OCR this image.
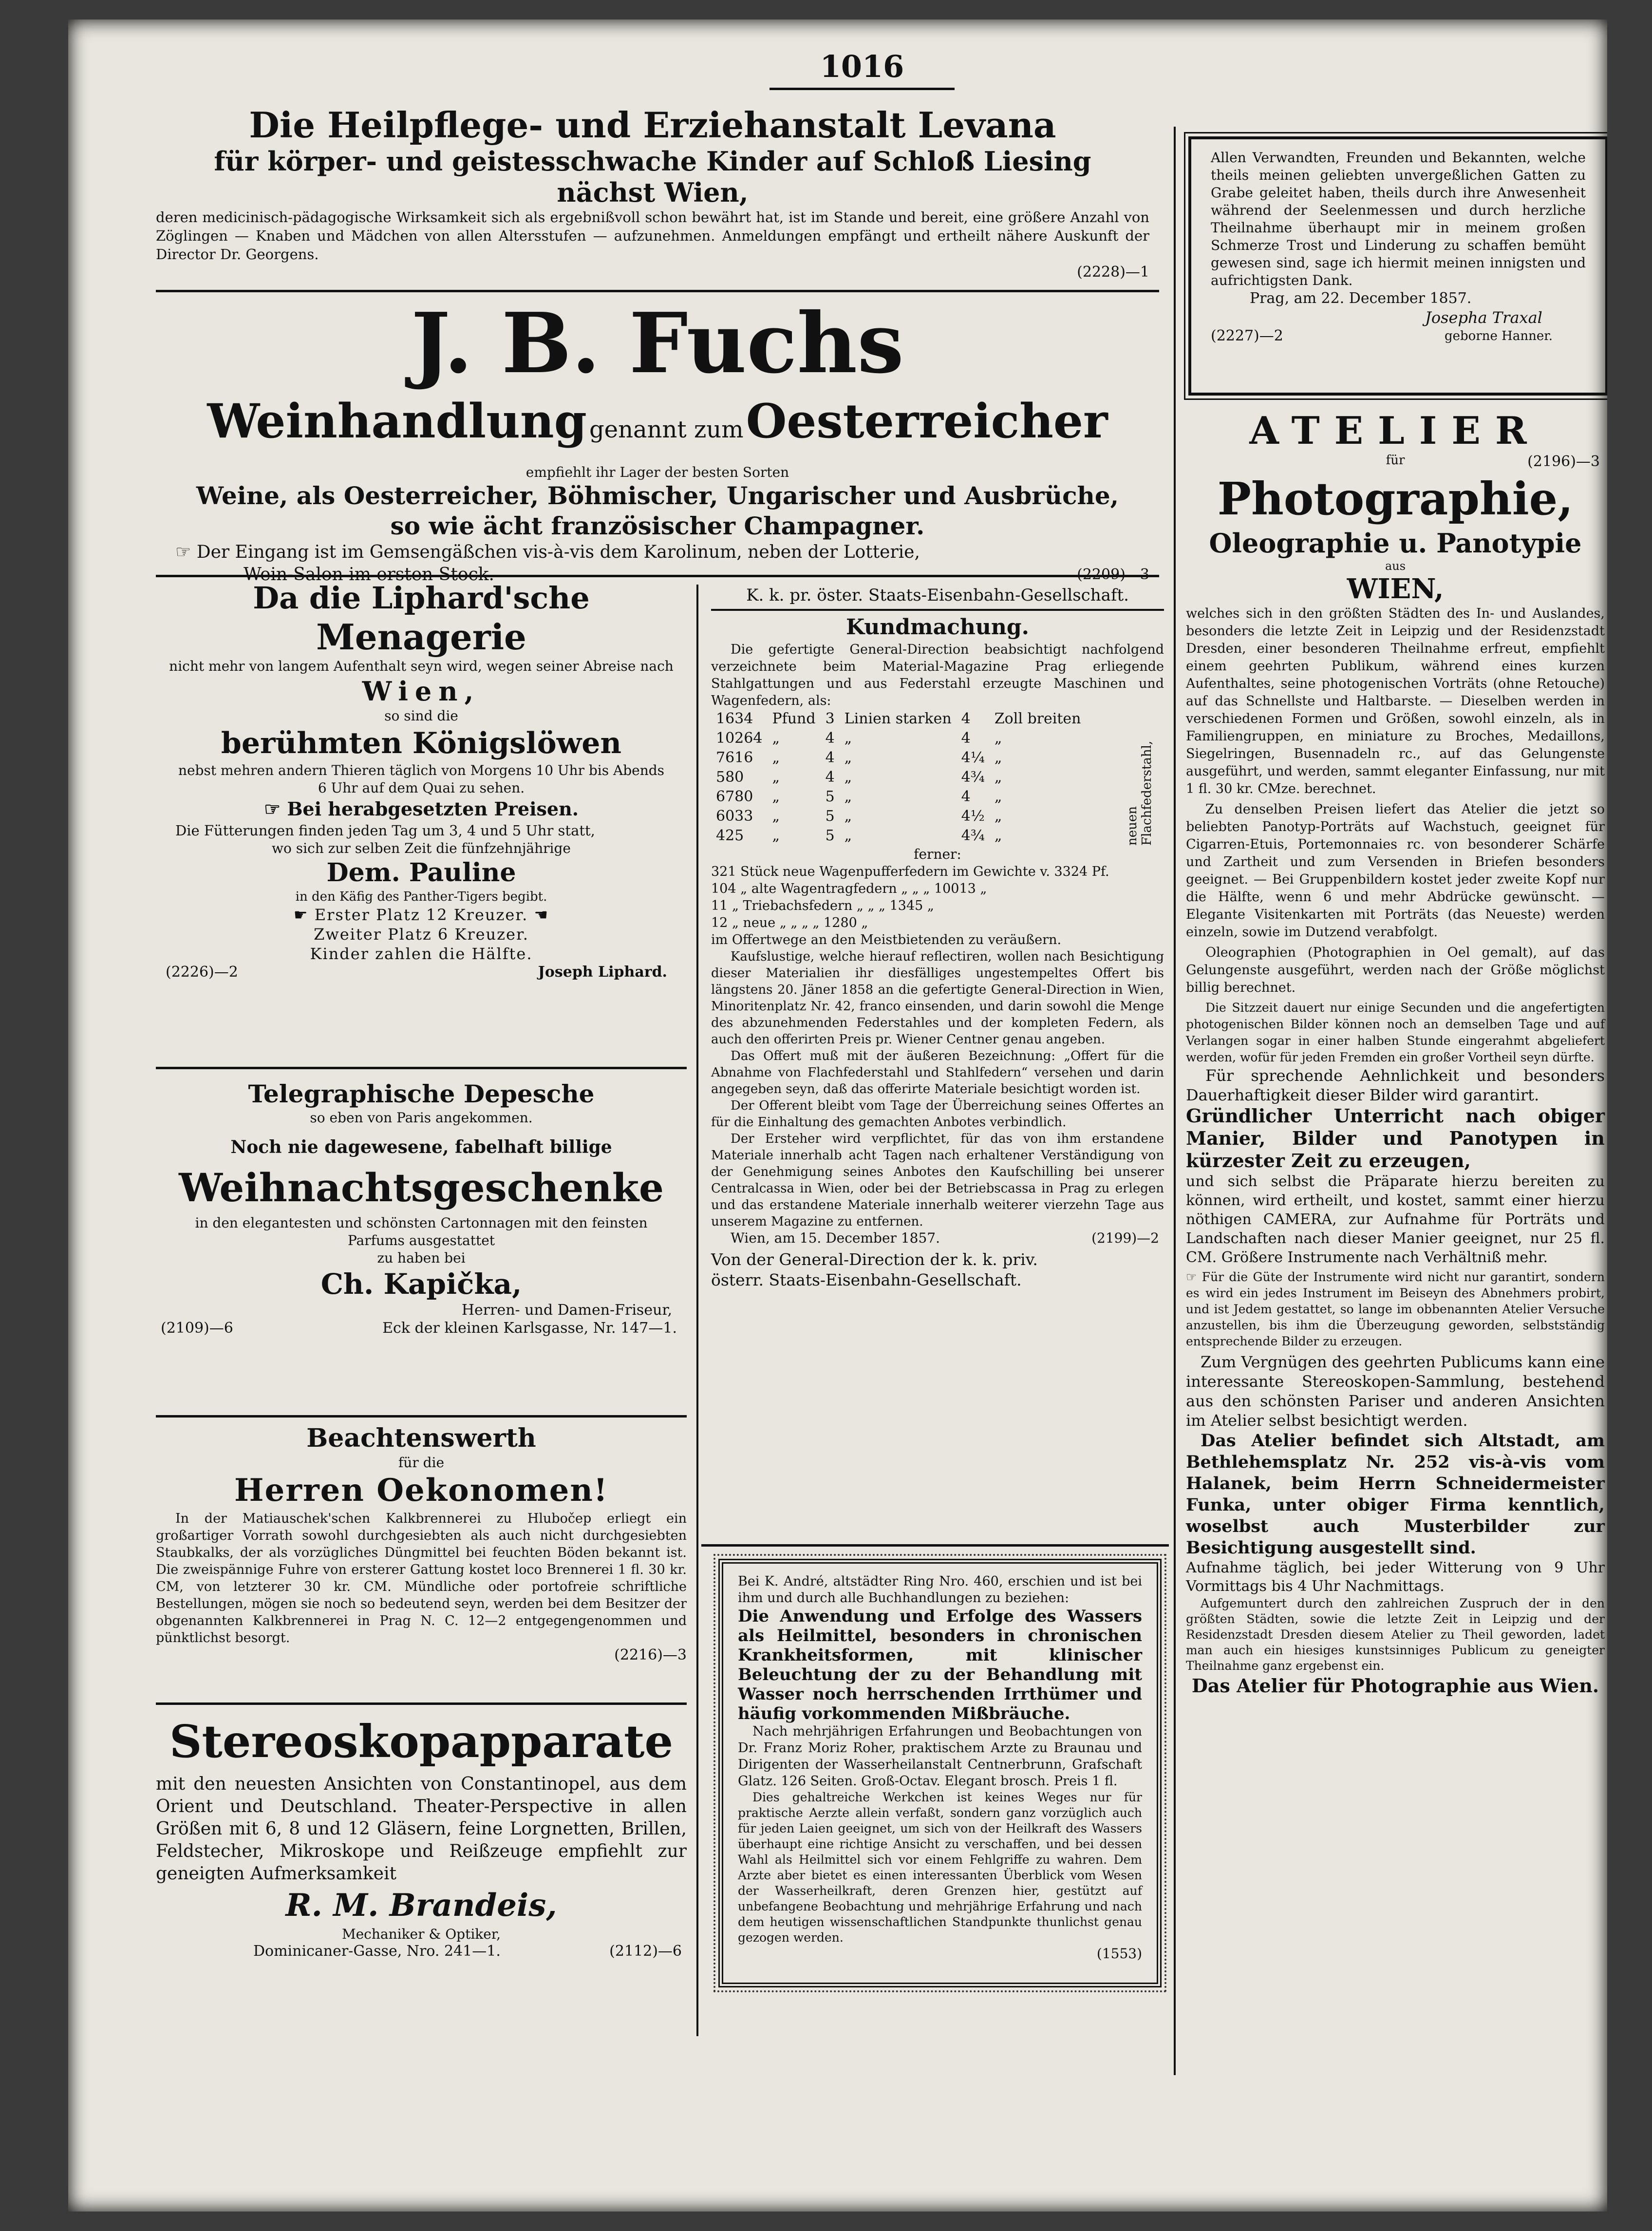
1016
Die Heilpflege- und Erziehanstalt Levana
für körper- und geistesschwache Kinder auf Schloß Liesing
nächst Wien,
deren medicinisch-pädagogische Wirksamkeit sich als ergebnißvoll schon bewährt hat, ist im Stande und bereit, eine größere Anzahl von Zöglingen — Knaben und Mädchen von allen Altersstufen — aufzunehmen. Anmeldungen empfängt und ertheilt nähere Auskunft der Director Dr. Georgens.
(2228)—1
J. B. Fuchs
Weinhandlung genannt zum Oesterreicher
empfiehlt ihr Lager der besten Sorten
Weine, als Oesterreicher, Böhmischer, Ungarischer und Ausbrüche,
so wie ächt französischer Champagner.
☞ Der Eingang ist im Gemsengäßchen vis-à-vis dem Karolinum, neben der Lotterie,
Allen Verwandten, Freunden und Bekannten, welche theils meinen geliebten unvergeßlichen Gatten zu Grabe geleitet haben, theils durch ihre Anwesenheit während der Seelenmessen und durch herzliche Theilnahme überhaupt mir in meinem großen Schmerze Trost und Linderung zu schaffen bemüht gewesen sind, sage ich hiermit meinen innigsten und aufrichtigsten Dank.
Prag, am 22. December 1857.
Josepha Traxal
geborne Hanner.
(2227)—2
ATELIER
für	(2196)—3
Photographie,
Oleographie u. Panotypie
aus
WIEN,
welches sich in den größten Städten des In- und Auslandes, besonders die letzte Zeit in Leipzig und der Residenzstadt Dresden, einer besonderen Theilnahme erfreut, empfiehlt einem geehrten Publikum, während eines kurzen Aufenthaltes, seine photogenischen Vorträts (ohne Retouche) auf das Schnellste und Haltbarste. — Dieselben werden in verschiedenen Formen und Größen, sowohl einzeln, als in Familiengruppen, en miniature zu Broches, Medaillons, Siegelringen, Busennadeln rc., auf das Gelungenste ausgeführt, und werden, sammt eleganter Einfassung, nur mit 1 fl. 30 kr. CMze. berechnet.
Zu denselben Preisen liefert das Atelier die jetzt so beliebten Panotyp-Porträts auf Wachstuch, geeignet für Cigarren-Etuis, Portemonnaies rc. von besonderer Schärfe und Zartheit und zum Versenden in Briefen besonders geeignet. — Bei Gruppenbildern kostet jeder zweite Kopf nur die Hälfte, wenn 6 und mehr Abdrücke gewünscht. — Elegante Visitenkarten mit Porträts (das Neueste) werden einzeln, sowie im Dutzend verabfolgt.
Oleographien (Photographien in Oel gemalt), auf das Gelungenste ausgeführt, werden nach der Größe möglichst billig berechnet.
Die Sitzzeit dauert nur einige Secunden und die angefertigten photogenischen Bilder können noch an demselben Tage und auf Verlangen sogar in einer halben Stunde eingerahmt abgeliefert werden, wofür für jeden Fremden ein großer Vortheil seyn dürfte.
Für sprechende Aehnlichkeit und besonders Dauerhaftigkeit dieser Bilder wird garantirt.
Gründlicher Unterricht nach obiger Manier, Bilder und Panotypen in kürzester Zeit zu erzeugen,
und sich selbst die Präparate hierzu bereiten zu können, wird ertheilt, und kostet, sammt einer hierzu nöthigen CAMERA, zur Aufnahme für Porträts und Landschaften nach dieser Manier geeignet, nur 25 fl. CM. Größere Instrumente nach Verhältniß mehr.
☞ Für die Güte der Instrumente wird nicht nur garantirt, sondern es wird ein jedes Instrument im Beiseyn des Abnehmers probirt, und ist Jedem gestattet, so lange im obbenannten Atelier Versuche anzustellen, bis ihm die Überzeugung geworden, selbstständig entsprechende Bilder zu erzeugen.
Zum Vergnügen des geehrten Publicums kann eine interessante Stereoskopen-Sammlung, bestehend aus den schönsten Pariser und anderen Ansichten im Atelier selbst besichtigt werden.
Das Atelier befindet sich Altstadt, am Bethlehemsplatz Nr. 252 vis-à-vis vom Halanek, beim Herrn Schneidermeister Funka, unter obiger Firma kenntlich, woselbst auch Musterbilder zur Besichtigung ausgestellt sind.
Aufnahme täglich, bei jeder Witterung von 9 Uhr Vormittags bis 4 Uhr Nachmittags.
Aufgemuntert durch den zahlreichen Zuspruch der in den größten Städten, sowie die letzte Zeit in Leipzig und der Residenzstadt Dresden diesem Atelier zu Theil geworden, ladet man auch ein hiesiges kunstsinniges Publicum zu geneigter Theilnahme ganz ergebenst ein.
Das Atelier für Photographie aus Wien.
Da die Liphard'sche
Menagerie
nicht mehr von langem Aufenthalt seyn wird, wegen seiner Abreise nach
Wien,
so sind die
berühmten Königslöwen
nebst mehren andern Thieren täglich von Morgens 10 Uhr bis Abends 6 Uhr auf dem Quai zu sehen.
☞ Bei herabgesetzten Preisen.
Die Fütterungen finden jeden Tag um 3, 4 und 5 Uhr statt,
wo sich zur selben Zeit die fünfzehnjährige
Dem. Pauline
in den Käfig des Panther-Tigers begibt.
☛ Erster Platz 12 Kreuzer. ☚
Zweiter Platz 6 Kreuzer.
Kinder zahlen die Hälfte.
(2226)—2	Joseph Liphard.
Telegraphische Depesche
so eben von Paris angekommen.
Noch nie dagewesene, fabelhaft billige
Weihnachtsgeschenke
in den elegantesten und schönsten Cartonnagen mit den feinsten Parfums ausgestattet
zu haben bei
Ch. Kapička,
Herren- und Damen-Friseur,
(2109)—6	Eck der kleinen Karlsgasse, Nr. 147—1.
Beachtenswerth
für die
Herren Oekonomen!
In der Matiauschek'schen Kalkbrennerei zu Hlubočep erliegt ein großartiger Vorrath sowohl durchgesiebten als auch nicht durchgesiebten Staubkalks, der als vorzügliches Düngmittel bei feuchten Böden bekannt ist. Die zweispännige Fuhre von ersterer Gattung kostet loco Brennerei 1 fl. 30 kr. CM, von letzterer 30 kr. CM. Mündliche oder portofreie schriftliche Bestellungen, mögen sie noch so bedeutend seyn, werden bei dem Besitzer der obgenannten Kalkbrennerei in Prag N. C. 12—2 entgegengenommen und pünktlichst besorgt.
(2216)—3
Stereoskopapparate
mit den neuesten Ansichten von Constantinopel, aus dem Orient und Deutschland. Theater-Perspective in allen Größen mit 6, 8 und 12 Gläsern, feine Lorgnetten, Brillen, Feldstecher, Mikroskope und Reißzeuge empfiehlt zur geneigten Aufmerksamkeit
R. M. Brandeis,
Mechaniker & Optiker,
Dominicaner-Gasse, Nro. 241—1.	(2112)—6
K. k. pr. öster. Staats-Eisenbahn-Gesellschaft.
Kundmachung.
Die gefertigte General-Direction beabsichtigt nachfolgend verzeichnete beim Material-Magazine Prag erliegende Stahlgattungen und aus Federstahl erzeugte Maschinen und Wagenfedern, als:
1634	Pfund	3	Linien starken	4	Zoll breiten
10264	„	4	„	4	„
7616	„	4	„	4¼	„
580	„	4	„	4¾	„
6780	„	5	„	4	„
6033	„	5	„	4½	„
425	„	5	„	4¾	„	neuen Flachfederstahl,
ferner:
321 Stück neue Wagenpufferfedern im Gewichte v. 3324 Pf.
104 „ alte Wagentragfedern „ „ „ 10013 „
11 „ Triebachsfedern „ „ „ 1345 „
12 „ neue „ „ „ „ 1280 „
im Offertwege an den Meistbietenden zu veräußern.
Kaufslustige, welche hierauf reflectiren, wollen nach Besichtigung dieser Materialien ihr diesfälliges ungestempeltes Offert bis längstens 20. Jäner 1858 an die gefertigte General-Direction in Wien, Minoritenplatz Nr. 42, franco einsenden, und darin sowohl die Menge des abzunehmenden Federstahles und der kompleten Federn, als auch den offerirten Preis pr. Wiener Centner genau angeben.
Das Offert muß mit der äußeren Bezeichnung: „Offert für die Abnahme von Flachfederstahl und Stahlfedern“ versehen und darin angegeben seyn, daß das offerirte Materiale besichtigt worden ist.
Der Offerent bleibt vom Tage der Überreichung seines Offertes an für die Einhaltung des gemachten Anbotes verbindlich.
Der Ersteher wird verpflichtet, für das von ihm erstandene Materiale innerhalb acht Tagen nach erhaltener Verständigung von der Genehmigung seines Anbotes den Kaufschilling bei unserer Centralcassa in Wien, oder bei der Betriebscassa in Prag zu erlegen und das erstandene Materiale innerhalb weiterer vierzehn Tage aus unserem Magazine zu entfernen.
Wien, am 15. December 1857.	(2199)—2
Von der General-Direction der k. k. priv.
österr. Staats-Eisenbahn-Gesellschaft.
Bei K. André, altstädter Ring Nro. 460, erschien und ist bei ihm und durch alle Buchhandlungen zu beziehen:
Die Anwendung und Erfolge des Wassers als Heilmittel, besonders in chronischen Krankheitsformen, mit klinischer Beleuchtung der zu der Behandlung mit Wasser noch herrschenden Irrthümer und häufig vorkommenden Mißbräuche.
Nach mehrjährigen Erfahrungen und Beobachtungen von Dr. Franz Moriz Roher, praktischem Arzte zu Braunau und Dirigenten der Wasserheilanstalt Centnerbrunn, Grafschaft Glatz. 126 Seiten. Groß-Octav. Elegant brosch. Preis 1 fl.
Dies gehaltreiche Werkchen ist keines Weges nur für praktische Aerzte allein verfaßt, sondern ganz vorzüglich auch für jeden Laien geeignet, um sich von der Heilkraft des Wassers überhaupt eine richtige Ansicht zu verschaffen, und bei dessen Wahl als Heilmittel sich vor einem Fehlgriffe zu wahren. Dem Arzte aber bietet es einen interessanten Überblick vom Wesen der Wasserheilkraft, deren Grenzen hier, gestützt auf unbefangene Beobachtung und mehrjährige Erfahrung und nach dem heutigen wissenschaftlichen Standpunkte thunlichst genau gezogen werden.
(1553)
